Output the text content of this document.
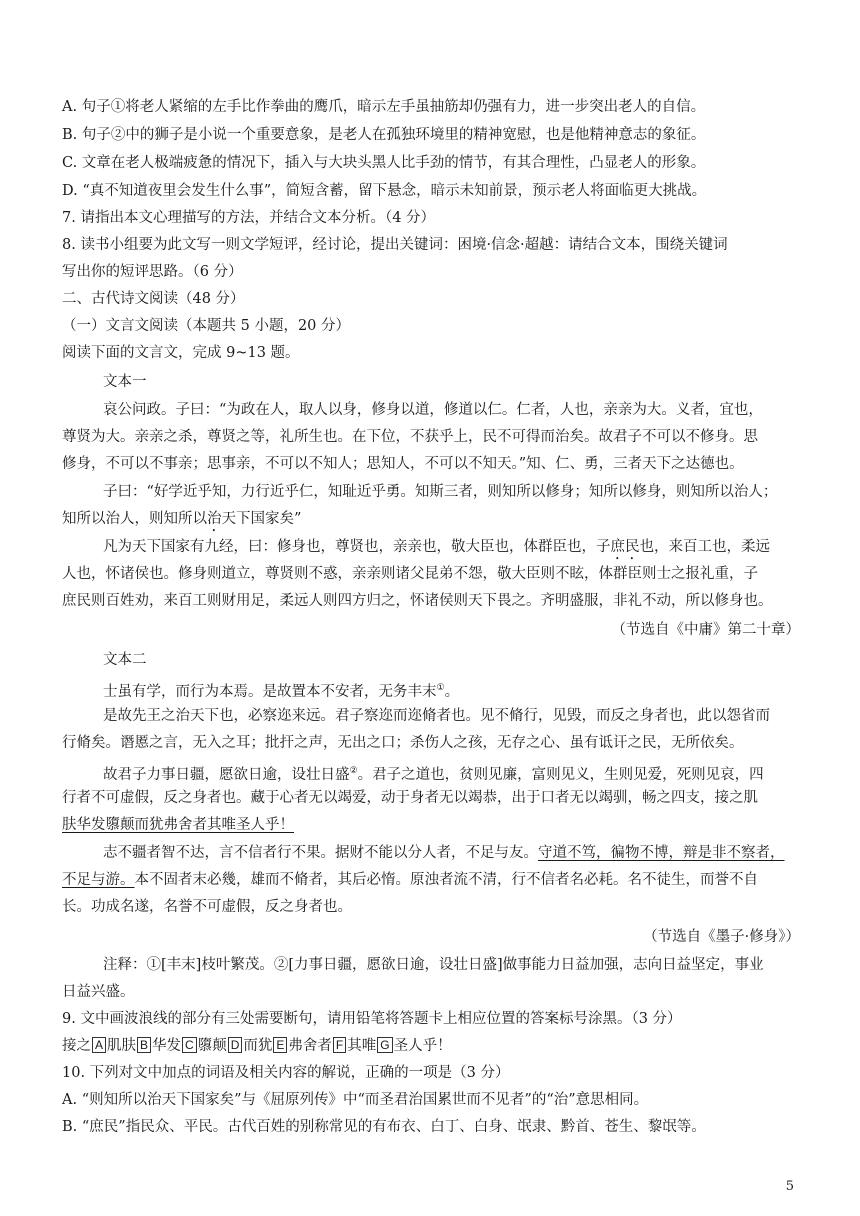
A. 句子①将老人紧缩的左手比作拳曲的鹰爪，暗示左手虽抽筋却仍强有力，进一步突出老人的自信。
B. 句子②中的狮子是小说一个重要意象，是老人在孤独环境里的精神宽慰，也是他精神意志的象征。
C. 文章在老人极端疲惫的情况下，插入与大块头黑人比手劲的情节，有其合理性，凸显老人的形象。
D. “真不知道夜里会发生什么事”，简短含蓄，留下悬念，暗示未知前景，预示老人将面临更大挑战。
7. 请指出本文心理描写的方法，并结合文本分析。（4 分）
8. 读书小组要为此文写一则文学短评，经讨论，提出关键词：困境·信念·超越：请结合文本，围绕关键词
写出你的短评思路。（6 分）
二、古代诗文阅读（48 分）
（一）文言文阅读（本题共 5 小题，20 分）
阅读下面的文言文，完成 9~13 题。
文本一
哀公问政。子曰：“为政在人，取人以身，修身以道，修道以仁。仁者，人也，亲亲为大。义者，宜也，
尊贤为大。亲亲之杀，尊贤之等，礼所生也。在下位，不获乎上，民不可得而治矣。故君子不可以不修身。思
修身，不可以不事亲；思事亲，不可以不知人；思知人，不可以不知天。”知、仁、勇，三者天下之达德也。
子曰：“好学近乎知，力行近乎仁，知耻近乎勇。知斯三者，则知所以修身；知所以修身，则知所以治人；
知所以治人，则知所以治天下国家矣”
凡为天下国家有九经，曰：修身也，尊贤也，亲亲也，敬大臣也，体群臣也，子庶民也，来百工也，柔远
人也，怀诸侯也。修身则道立，尊贤则不惑，亲亲则诸父昆弟不怨，敬大臣则不眩，体群臣则士之报礼重，子
庶民则百姓劝，来百工则财用足，柔远人则四方归之，怀诸侯则天下畏之。齐明盛服，非礼不动，所以修身也。
（节选自《中庸》第二十章）
文本二
士虽有学，而行为本焉。是故置本不安者，无务丰末①。
是故先王之治天下也，必察迩来远。君子察迩而迩脩者也。见不脩行，见毁，而反之身者也，此以怨省而
行脩矣。谮慝之言，无入之耳；批扞之声，无出之口；杀伤人之孩，无存之心、虽有诋讦之民，无所依矣。
故君子力事日疆，愿欲日逾，设壮日盛②。君子之道也，贫则见廉，富则见义，生则见爱，死则见哀，四
行者不可虚假，反之身者也。藏于心者无以竭爱，动于身者无以竭恭，出于口者无以竭驯，畅之四支，接之肌
肤华发隳颠而犹弗舍者其唯圣人乎！
志不疆者智不达，言不信者行不果。据财不能以分人者，不足与友。守道不笃，徧物不博，辩是非不察者，
不足与游。本不固者末必幾，雄而不脩者，其后必惰。原浊者流不清，行不信者名必耗。名不徒生，而誉不自
长。功成名遂，名誉不可虚假，反之身者也。
（节选自《墨子·修身》）
注释：①[丰末]枝叶繁茂。②[力事日疆，愿欲日逾，设壮日盛]做事能力日益加强，志向日益坚定，事业
日益兴盛。
9. 文中画波浪线的部分有三处需要断句，请用铅笔将答题卡上相应位置的答案标号涂黑。（3 分）
接之 A 肌肤 B 华发 C 隳颠 D 而犹 E 弗舍者 F 其唯 G 圣人乎！
10. 下列对文中加点的词语及相关内容的解说，正确的一项是（3 分）
A. “则知所以治天下国家矣”与《屈原列传》中“而圣君治国累世而不见者”的“治”意思相同。
B. “庶民”指民众、平民。古代百姓的别称常见的有布衣、白丁、白身、氓隶、黔首、苍生、黎氓等。
5
